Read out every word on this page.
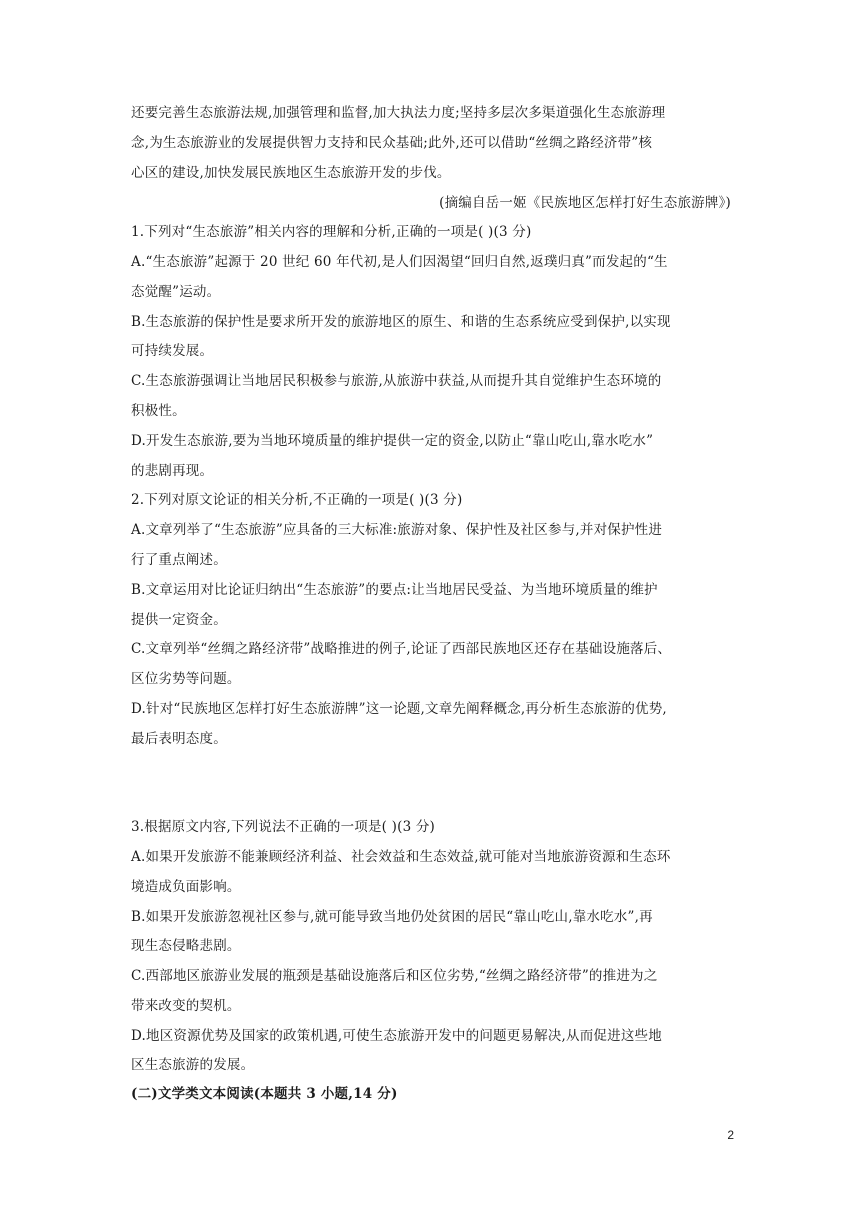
还要完善生态旅游法规,加强管理和监督,加大执法力度;坚持多层次多渠道强化生态旅游理
念,为生态旅游业的发展提供智力支持和民众基础;此外,还可以借助“丝绸之路经济带”核
心区的建设,加快发展民族地区生态旅游开发的步伐。
(摘编自岳一姬《民族地区怎样打好生态旅游牌》)
1.下列对“生态旅游”相关内容的理解和分析,正确的一项是( )(3 分)
A.“生态旅游”起源于 20 世纪 60 年代初,是人们因渴望“回归自然,返璞归真”而发起的“生
态觉醒”运动。
B.生态旅游的保护性是要求所开发的旅游地区的原生、和谐的生态系统应受到保护,以实现
可持续发展。
C.生态旅游强调让当地居民积极参与旅游,从旅游中获益,从而提升其自觉维护生态环境的
积极性。
D.开发生态旅游,要为当地环境质量的维护提供一定的资金,以防止“靠山吃山,靠水吃水”
的悲剧再现。
2.下列对原文论证的相关分析,不正确的一项是( )(3 分)
A.文章列举了“生态旅游”应具备的三大标准:旅游对象、保护性及社区参与,并对保护性进
行了重点阐述。
B.文章运用对比论证归纳出“生态旅游”的要点:让当地居民受益、为当地环境质量的维护
提供一定资金。
C.文章列举“丝绸之路经济带”战略推进的例子,论证了西部民族地区还存在基础设施落后、
区位劣势等问题。
D.针对“民族地区怎样打好生态旅游牌”这一论题,文章先阐释概念,再分析生态旅游的优势,
最后表明态度。
3.根据原文内容,下列说法不正确的一项是( )(3 分)
A.如果开发旅游不能兼顾经济利益、社会效益和生态效益,就可能对当地旅游资源和生态环
境造成负面影响。
B.如果开发旅游忽视社区参与,就可能导致当地仍处贫困的居民“靠山吃山,靠水吃水”,再
现生态侵略悲剧。
C.西部地区旅游业发展的瓶颈是基础设施落后和区位劣势,“丝绸之路经济带”的推进为之
带来改变的契机。
D.地区资源优势及国家的政策机遇,可使生态旅游开发中的问题更易解决,从而促进这些地
区生态旅游的发展。
(二)文学类文本阅读(本题共 3 小题,14 分)
2
